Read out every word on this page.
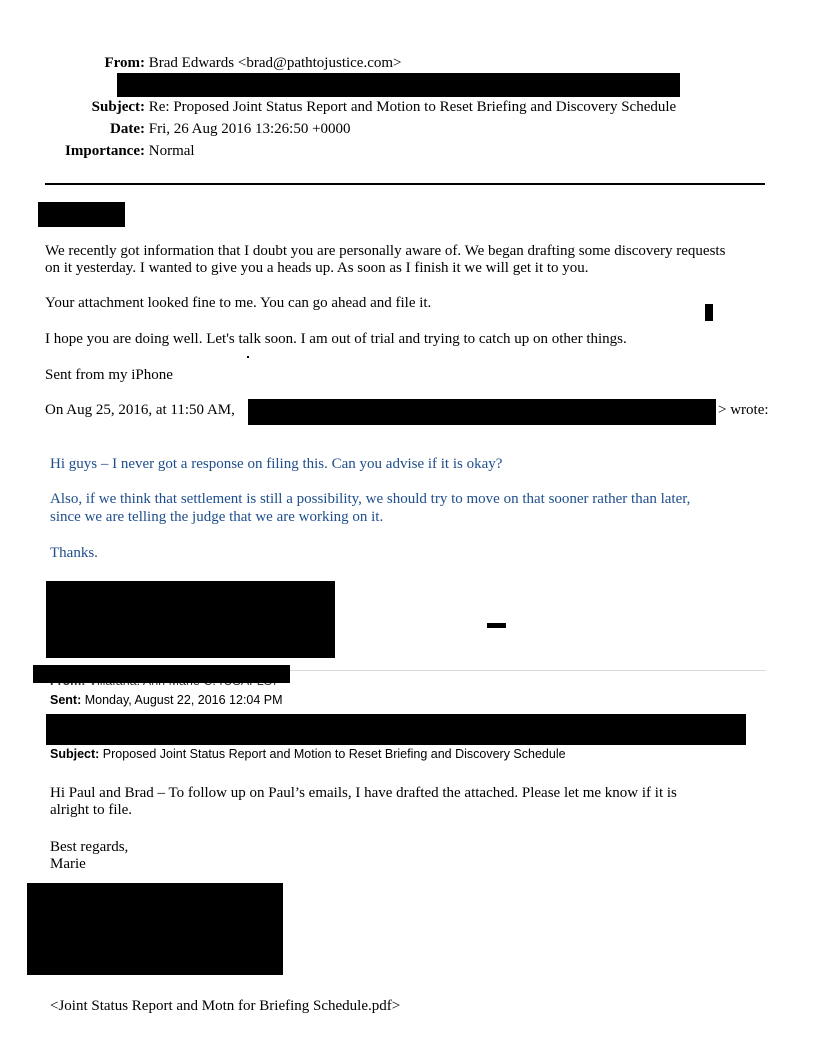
From: Brad Edwards <brad@pathtojustice.com>
Subject: Re: Proposed Joint Status Report and Motion to Reset Briefing and Discovery Schedule
Date: Fri, 26 Aug 2016 13:26:50 +0000
Importance: Normal
We recently got information that I doubt you are personally aware of. We began drafting some discovery requests
on it yesterday. I wanted to give you a heads up. As soon as I finish it we will get it to you.
Your attachment looked fine to me. You can go ahead and file it.
I hope you are doing well. Let's talk soon. I am out of trial and trying to catch up on other things.
Sent from my iPhone
On Aug 25, 2016, at 11:50 AM,	> wrote:
Hi guys – I never got a response on filing this. Can you advise if it is okay?
Also, if we think that settlement is still a possibility, we should try to move on that sooner rather than later,
since we are telling the judge that we are working on it.
Thanks.
Sent: Monday, August 22, 2016 12:04 PM
Subject: Proposed Joint Status Report and Motion to Reset Briefing and Discovery Schedule
Hi Paul and Brad – To follow up on Paul’s emails, I have drafted the attached. Please let me know if it is
alright to file.
Best regards,
Marie
<Joint Status Report and Motn for Briefing Schedule.pdf>
